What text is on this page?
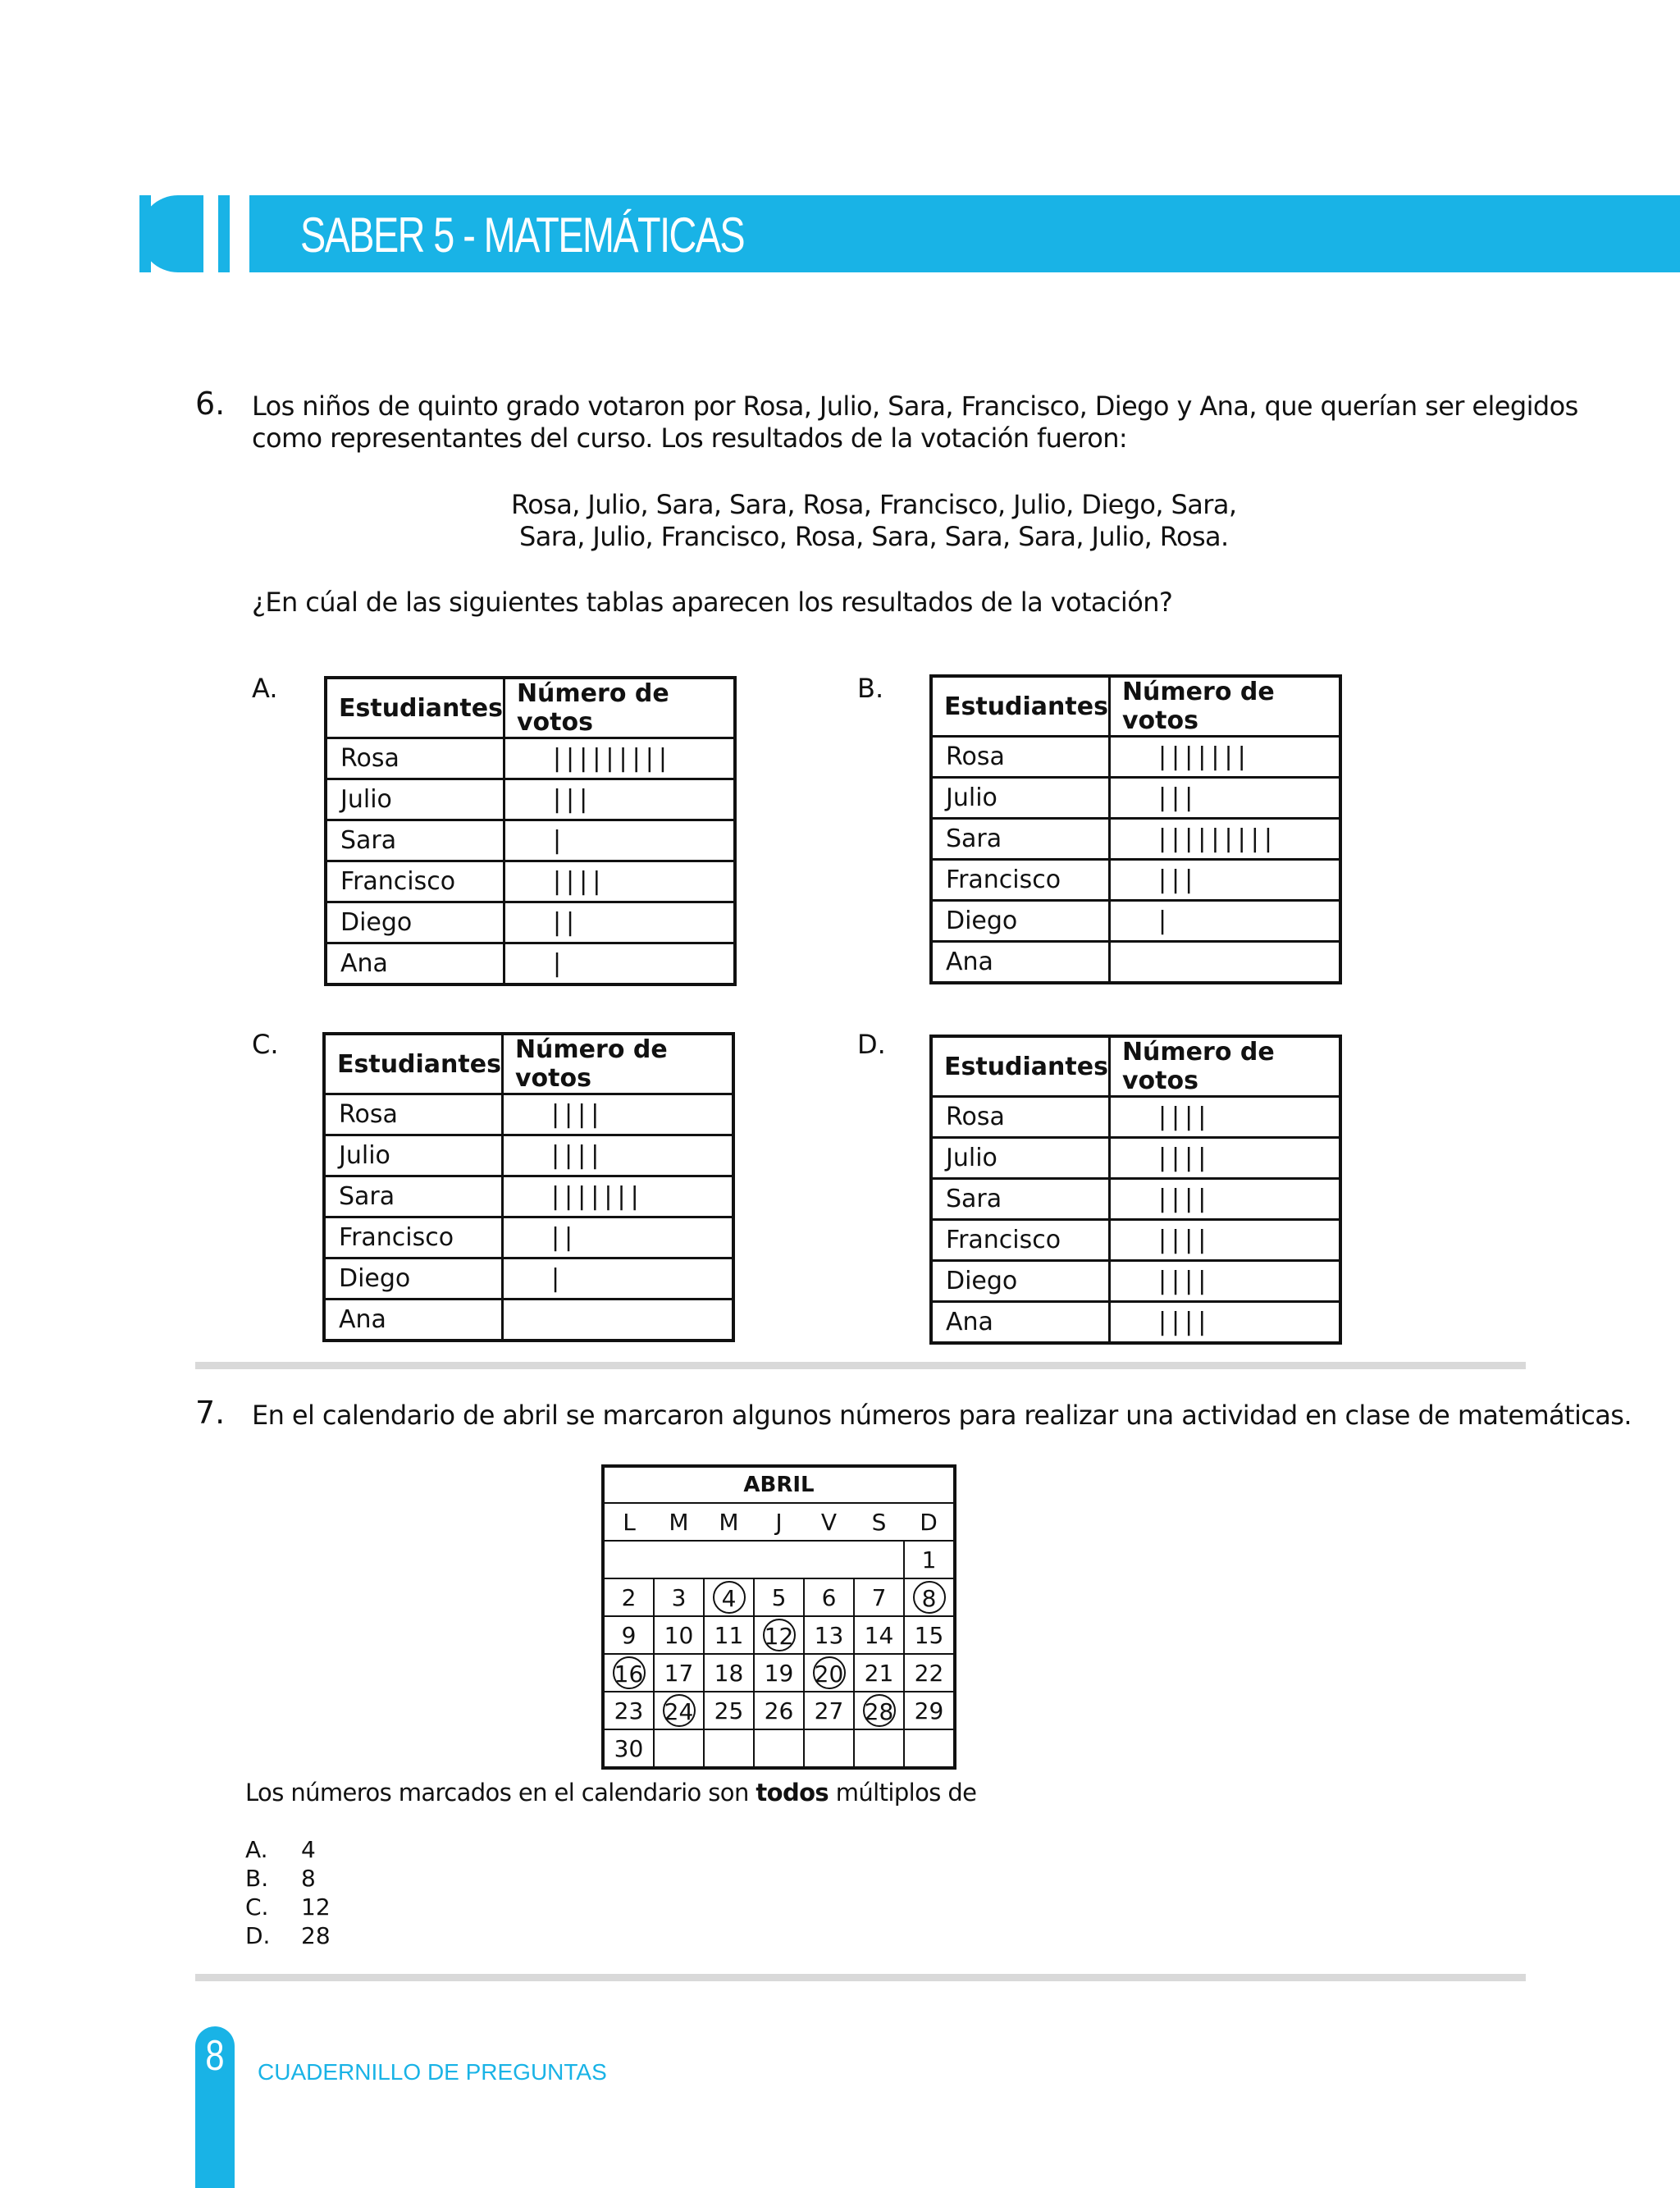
SABER 5 - MATEMÁTICAS
6. Los niños de quinto grado votaron por Rosa, Julio, Sara, Francisco, Diego y Ana, que querían ser elegidos
como representantes del curso. Los resultados de la votación fueron:
Rosa, Julio, Sara, Sara, Rosa, Francisco, Julio, Diego, Sara,
Sara, Julio, Francisco, Rosa, Sara, Sara, Sara, Julio, Rosa.
¿En cúal de las siguientes tablas aparecen los resultados de la votación?
A.	B.
C.	D.
Estudiantes	Número de votos
Rosa	|||||||||
Julio	|||
Sara	|
Francisco	||||
Diego	||
Ana	|
Estudiantes	Número de votos
Rosa	|||||||
Julio	|||
Sara	|||||||||
Francisco	|||
Diego	|
Ana	
Estudiantes	Número de votos
Rosa	||||
Julio	||||
Sara	|||||||
Francisco	||
Diego	|
Ana	
Estudiantes	Número de votos
Rosa	||||
Julio	||||
Sara	||||
Francisco	||||
Diego	||||
Ana	||||
7. En el calendario de abril se marcaron algunos números para realizar una actividad en clase de matemáticas.
ABRIL						
L	M	M	J	V	S	D
						1
2	3	4	5	6	7	8
9	10	11	12	13	14	15
16	17	18	19	20	21	22
23	24	25	26	27	28	29
30						
Los números marcados en el calendario son todos múltiplos de
A. 4
B. 8
C. 12
D. 28
8 CUADERNILLO DE PREGUNTAS
